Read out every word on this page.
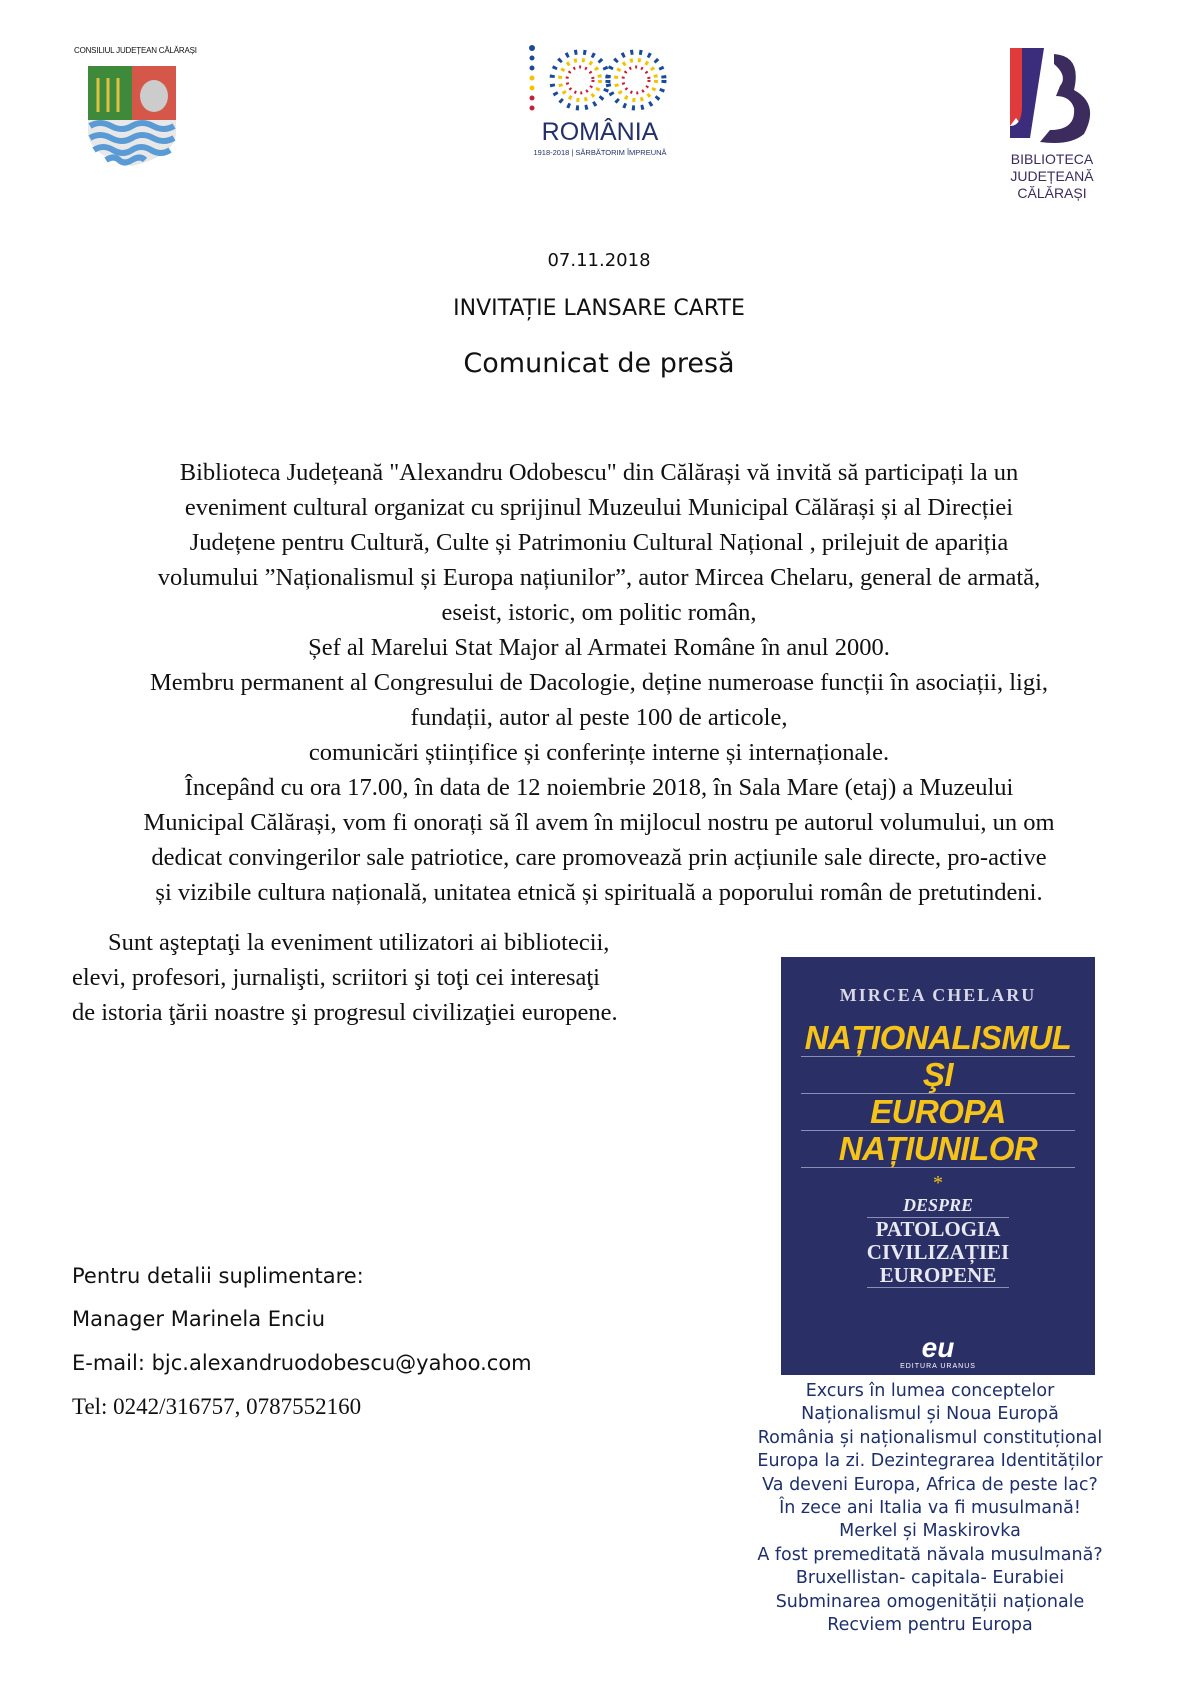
CONSILIUL JUDEȚEAN CĂLĂRAȘI
ROMÂNIA
1918-2018 | SĂRBĂTORIM ÎMPREUNĂ	BIBLIOTECA
JUDEȚEANĂ
CĂLĂRAȘI
07.11.2018
INVITAȚIE LANSARE CARTE
Comunicat de presă
Biblioteca Județeană "Alexandru Odobescu" din Călărași vă invită să participați la un
eveniment cultural organizat cu sprijinul Muzeului Municipal Călărași și al Direcției
Județene pentru Cultură, Culte și Patrimoniu Cultural Național , prilejuit de apariția
volumului ”Naționalismul și Europa națiunilor”, autor Mircea Chelaru, general de armată,
eseist, istoric, om politic român,
Șef al Marelui Stat Major al Armatei Române în anul 2000.
Membru permanent al Congresului de Dacologie, deține numeroase funcții în asociații, ligi,
fundații, autor al peste 100 de articole,
comunicări științifice și conferințe interne și internaționale.
Începând cu ora 17.00, în data de 12 noiembrie 2018, în Sala Mare (etaj) a Muzeului
Municipal Călărași, vom fi onorați să îl avem în mijlocul nostru pe autorul volumului, un om
dedicat convingerilor sale patriotice, care promovează prin acțiunile sale directe, pro-active
și vizibile cultura națională, unitatea etnică și spirituală a poporului român de pretutindeni.
Sunt aşteptaţi la eveniment utilizatori ai bibliotecii,
elevi, profesori, jurnalişti, scriitori şi toţi cei interesaţi
de istoria ţării noastre şi progresul civilizaţiei europene.
Pentru detalii suplimentare:
Manager Marinela Enciu
E-mail: bjc.alexandruodobescu@yahoo.com
Tel: 0242/316757, 0787552160
MIRCEA CHELARU
NAȚIONALISMUL
ŞI
EUROPA
NAȚIUNILOR
*
DESPRE
PATOLOGIA
CIVILIZAȚIEI
EUROPENE
eu
EDITURA URANUS
Excurs în lumea conceptelor
Naționalismul și Noua Europă
România și naționalismul constituțional
Europa la zi. Dezintegrarea Identităților
Va deveni Europa, Africa de peste lac?
În zece ani Italia va fi musulmană!
Merkel și Maskirovka
A fost premeditată năvala musulmană?
Bruxellistan- capitala- Eurabiei
Subminarea omogenității naționale
Recviem pentru Europa
